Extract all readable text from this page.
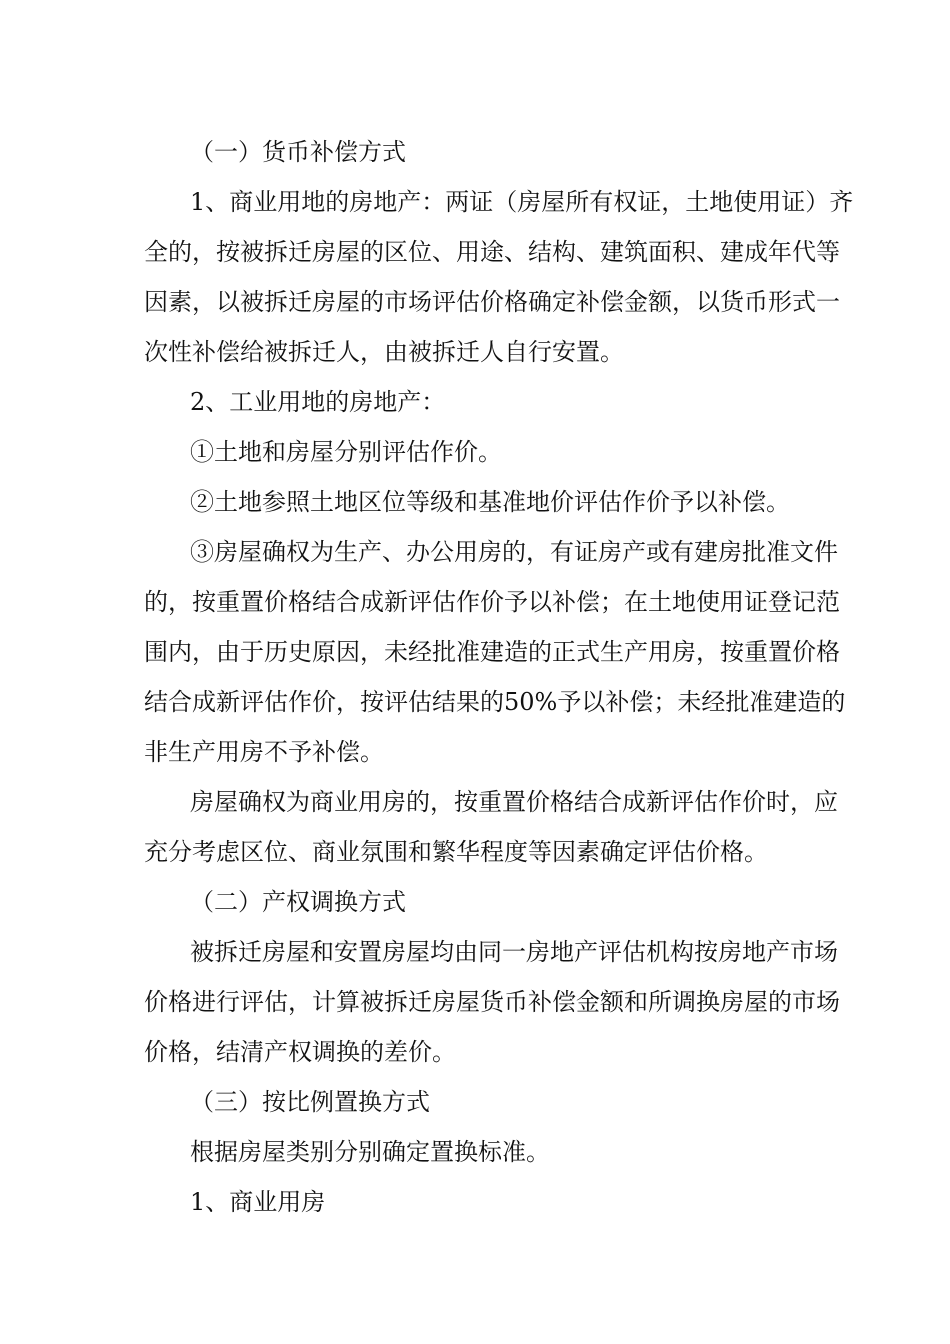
（一）货币补偿方式
1、商业用地的房地产：两证（房屋所有权证，土地使用证）齐
全的，按被拆迁房屋的区位、用途、结构、建筑面积、建成年代等
因素，以被拆迁房屋的市场评估价格确定补偿金额，以货币形式一
次性补偿给被拆迁人，由被拆迁人自行安置。
2、工业用地的房地产：
①土地和房屋分别评估作价。
②土地参照土地区位等级和基准地价评估作价予以补偿。
③房屋确权为生产、办公用房的，有证房产或有建房批准文件
的，按重置价格结合成新评估作价予以补偿；在土地使用证登记范
围内，由于历史原因，未经批准建造的正式生产用房，按重置价格
结合成新评估作价，按评估结果的50%予以补偿；未经批准建造的
非生产用房不予补偿。
房屋确权为商业用房的，按重置价格结合成新评估作价时，应
充分考虑区位、商业氛围和繁华程度等因素确定评估价格。
（二）产权调换方式
被拆迁房屋和安置房屋均由同一房地产评估机构按房地产市场
价格进行评估，计算被拆迁房屋货币补偿金额和所调换房屋的市场
价格，结清产权调换的差价。
（三）按比例置换方式
根据房屋类别分别确定置换标准。
1、商业用房
